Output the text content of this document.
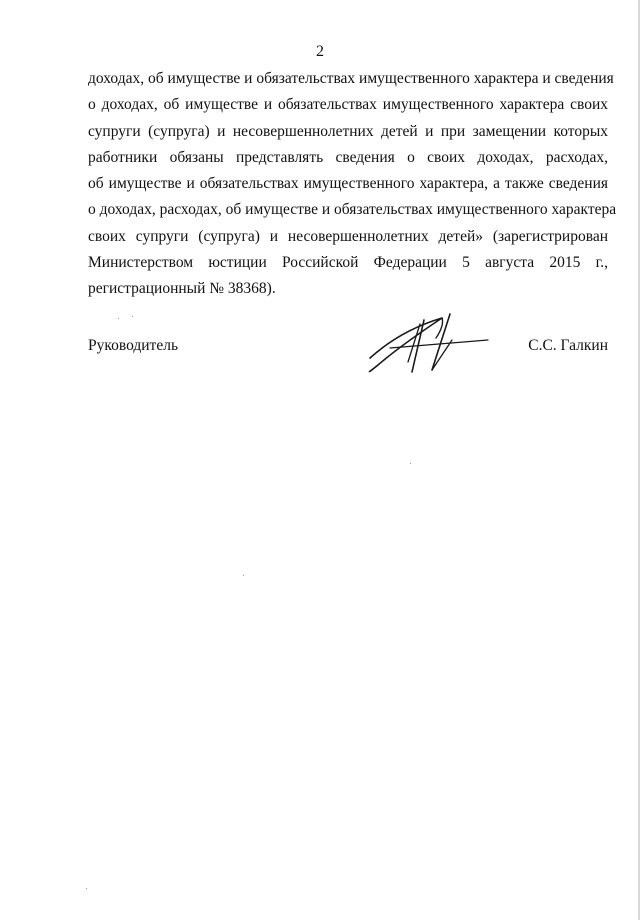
2
доходах, об имуществе и обязательствах имущественного характера и сведения
о доходах, об имуществе и обязательствах имущественного характера своих
супруги (супруга) и несовершеннолетних детей и при замещении которых
работники обязаны представлять сведения о своих доходах, расходах,
об имуществе и обязательствах имущественного характера, а также сведения
о доходах, расходах, об имуществе и обязательствах имущественного характера
своих супруги (супруга) и несовершеннолетних детей» (зарегистрирован
Министерством юстиции Российской Федерации 5 августа 2015 г.,
регистрационный № 38368).
Руководитель	С.С. Галкин
